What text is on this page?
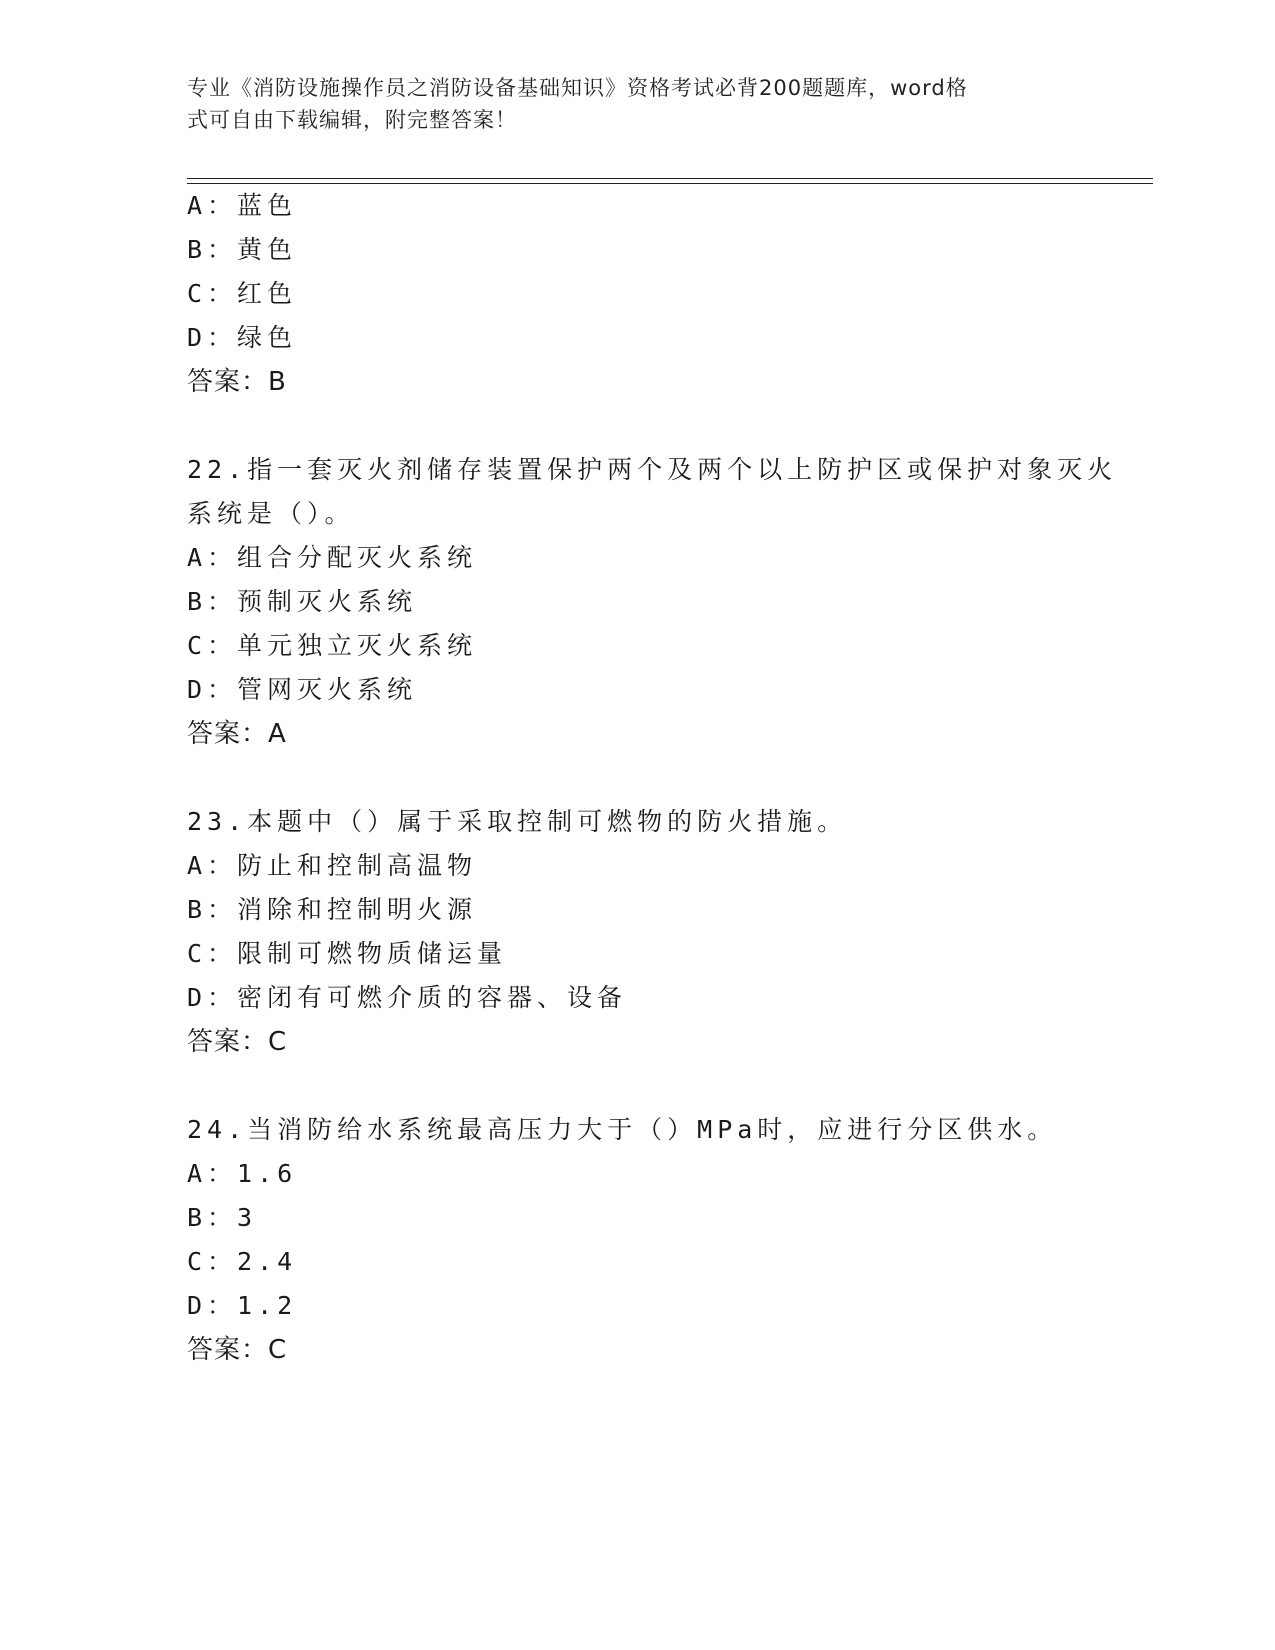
专业《消防设施操作员之消防设备基础知识》资格考试必背200题题库，word格
式可自由下载编辑，附完整答案！
A：蓝色
B：黄色
C：红色
D：绿色
答案：B
22.指一套灭火剂储存装置保护两个及两个以上防护区或保护对象灭火
系统是（）。
A：组合分配灭火系统
B：预制灭火系统
C：单元独立灭火系统
D：管网灭火系统
答案：A
23.本题中（）属于采取控制可燃物的防火措施。
A：防止和控制高温物
B：消除和控制明火源
C：限制可燃物质储运量
D：密闭有可燃介质的容器、设备
答案：C
24.当消防给水系统最高压力大于（）MPa时，应进行分区供水。
A：1.6
B：3
C：2.4
D：1.2
答案：C
